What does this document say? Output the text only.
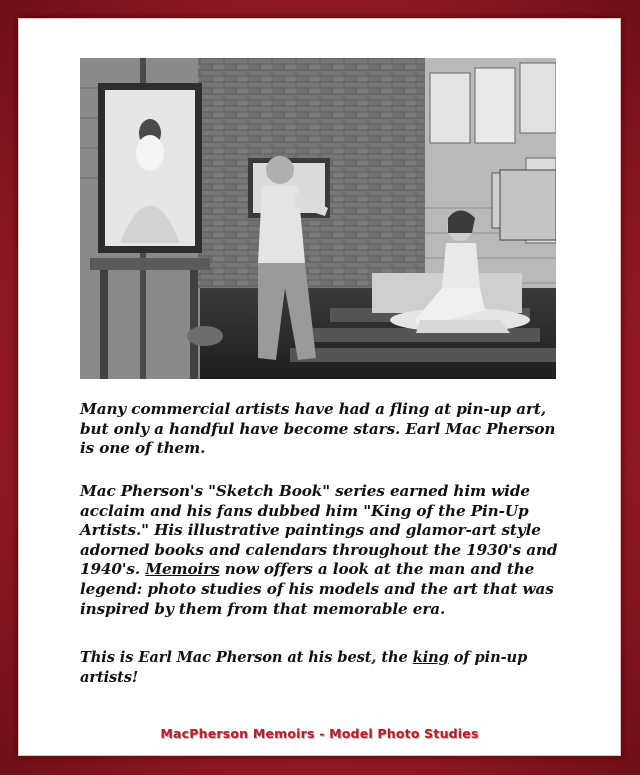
Many commercial artists have had a fling at pin-up art, but only a handful have become stars. Earl Mac Pherson is one of them.

Mac Pherson's "Sketch Book" series earned him wide acclaim and his fans dubbed him "King of the Pin-Up Artists." His illustrative paintings and glamor-art style adorned books and calendars throughout the 1930's and 1940's. Memoirs now offers a look at the man and the legend: photo studies of his models and the art that was inspired by them from that memorable era.

This is Earl Mac Pherson at his best, the king of pin-up artists!

MacPherson Memoirs - Model Photo Studies
